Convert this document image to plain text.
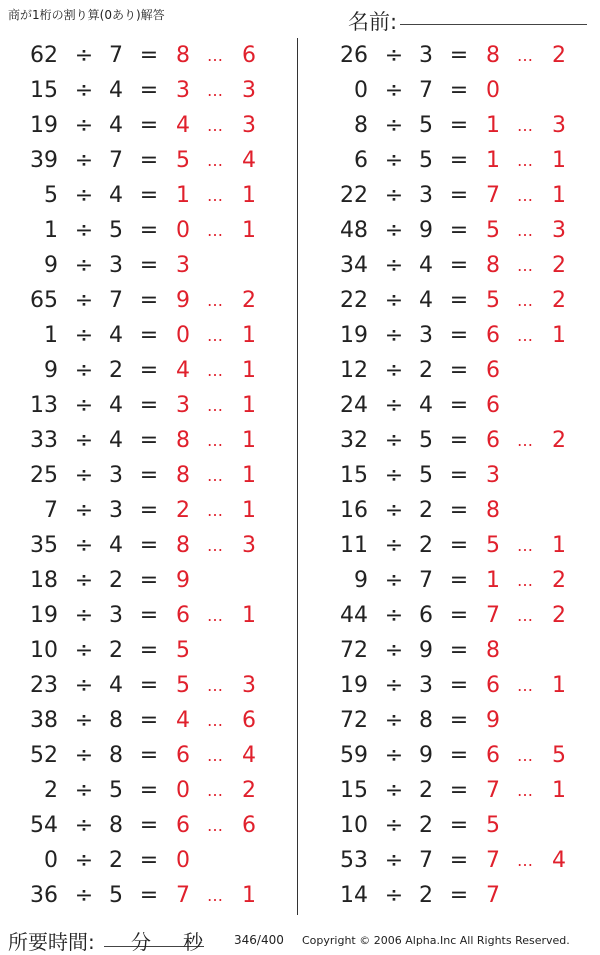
商が1桁の割り算(0あり)解答	名前:
62 ÷ 7 = 8	… 6
15 ÷ 4 = 3	… 3
19 ÷ 4 = 4	… 3
39 ÷ 7 = 5	… 4
5 ÷ 4 = 1	… 1
1 ÷ 5 = 0	… 1
9 ÷ 3 = 3
65 ÷ 7 = 9	… 2
1 ÷ 4 = 0	… 1
9 ÷ 2 = 4	… 1
13 ÷ 4 = 3	… 1
33 ÷ 4 = 8	… 1
25 ÷ 3 = 8	… 1
7 ÷ 3 = 2	… 1
35 ÷ 4 = 8	… 3
18 ÷ 2 = 9
19 ÷ 3 = 6	… 1
10 ÷ 2 = 5
23 ÷ 4 = 5	… 3
38 ÷ 8 = 4	… 6
52 ÷ 8 = 6	… 4
2 ÷ 5 = 0	… 2
54 ÷ 8 = 6	… 6
0 ÷ 2 = 0
36 ÷ 5 = 7	… 1
26 ÷ 3 = 8	… 2
0 ÷ 7 = 0
8 ÷ 5 = 1	… 3
6 ÷ 5 = 1	… 1
22 ÷ 3 = 7	… 1
48 ÷ 9 = 5	… 3
34 ÷ 4 = 8	… 2
22 ÷ 4 = 5	… 2
19 ÷ 3 = 6	… 1
12 ÷ 2 = 6
24 ÷ 4 = 6
32 ÷ 5 = 6	… 2
15 ÷ 5 = 3
16 ÷ 2 = 8
11 ÷ 2 = 5	… 1
9 ÷ 7 = 1	… 2
44 ÷ 6 = 7	… 2
72 ÷ 9 = 8
19 ÷ 3 = 6	… 1
72 ÷ 8 = 9
59 ÷ 9 = 6	… 5
15 ÷ 2 = 7	… 1
10 ÷ 2 = 5
53 ÷ 7 = 7	… 4
14 ÷ 2 = 7
所要時間: 分 秒	346/400 Copyright © 2006 Alpha.Inc All Rights Reserved.
